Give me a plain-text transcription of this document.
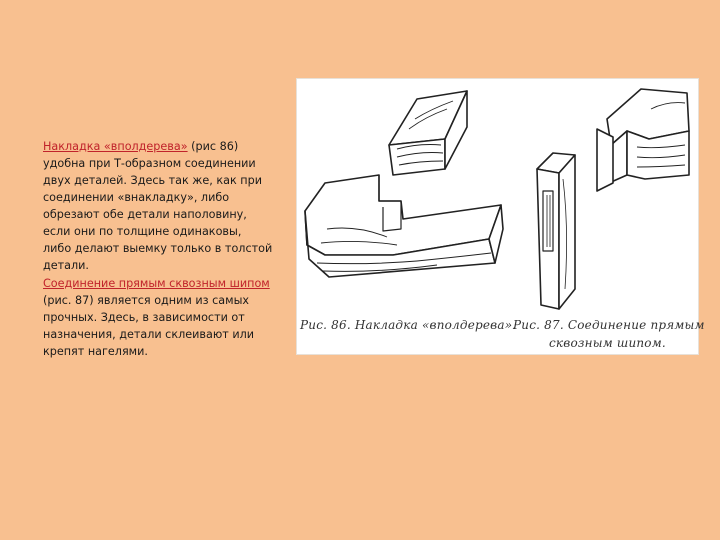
Накладка «вполдерева» (рис 86) удобна при Т-образном соединении двух деталей. Здесь так же, как при соединении «внакладку», либо обрезают обе детали наполовину, если они по толщине одинаковы, либо делают выемку только в толстой детали.

Соединение прямым сквозным шипом (рис. 87) является одним из самых прочных. Здесь, в зависимости от назначения, детали склеивают или крепят нагелями.

Рис. 86. Накладка «вполдерева».
Рис. 87. Соединение прямым
сквозным шипом.
